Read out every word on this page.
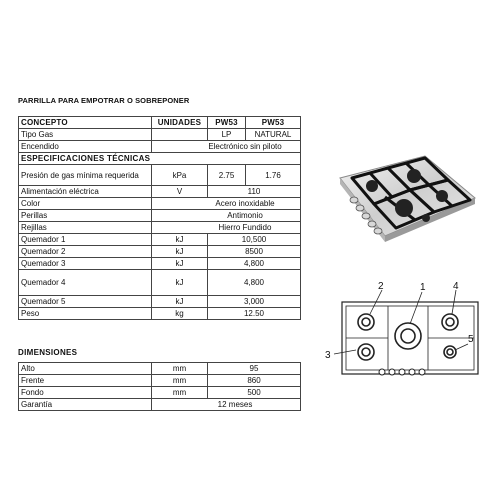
PARRILLA PARA EMPOTRAR O SOBREPONER
CONCEPTO	UNIDADES	PW53	PW53
Tipo Gas		LP	NATURAL
Encendido	Electrónico sin piloto		
ESPECIFICACIONES TÉCNICAS			
Presión de gas mínima requerida	kPa	2.75	1.76
Alimentación eléctrica	V	110	
Color	Acero inoxidable		
Perillas	Antimonio		
Rejillas	Hierro Fundido		
Quemador 1	kJ	10,500	
Quemador 2	kJ	8500	
Quemador 3	kJ	4,800	
Quemador 4	kJ	4,800	
Quemador 5	kJ	3,000	
Peso	kg	12.50	
DIMENSIONES
Alto	mm	95
Frente	mm	860
Fondo	mm	500
Garantía	12 meses	
1
2
3
4
5
